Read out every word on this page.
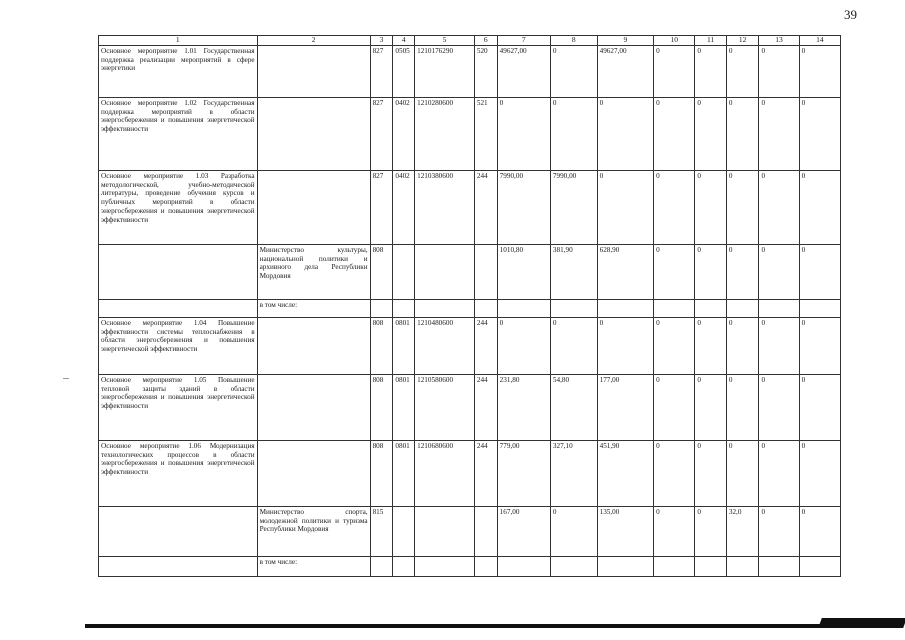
39
1	2	3	4	5	6	7	8	9	10	11	12	13	14
Основное мероприятие 1.01 Государственная поддержка реализации мероприятий в сфере энергетики		827	0505	1210176290	520	49627,00	0	49627,00	0	0	0	0	0
Основное мероприятие 1.02 Государственная поддержка мероприятий в области энергосбережения и повышения энергетической эффективности		827	0402	1210280600	521	0	0	0	0	0	0	0	0
Основное мероприятие 1.03 Разработка методологической, учебно-методической литературы, проведение обучения курсов и публичных мероприятий в области энергосбережения и повышения энергетической эффективности		827	0402	1210380600	244	7990,00	7990,00	0	0	0	0	0	0
	Министерство культуры, национальной политики и архивного дела Республики Мордовия	808				1010,80	381,90	628,90	0	0	0	0	0
	в том числе:												
Основное мероприятие 1.04 Повышение эффективности системы теплоснабжения в области энергосбережения и повышения энергетической эффективности		808	0801	1210480600	244	0	0	0	0	0	0	0	0
Основное мероприятие 1.05 Повышение тепловой защиты зданий в области энергосбережения и повышения энергетической эффективности		808	0801	1210580600	244	231,80	54,80	177,00	0	0	0	0	0
Основное мероприятие 1.06 Модернизация технологических процессов в области энергосбережения и повышения энергетической эффективности		808	0801	1210680600	244	779,00	327,10	451,90	0	0	0	0	0
	Министерство спорта, молодежной политики и туризма Республики Мордовия	815				167,00	0	135,00	0	0	32,0	0	0
	в том числе:												
